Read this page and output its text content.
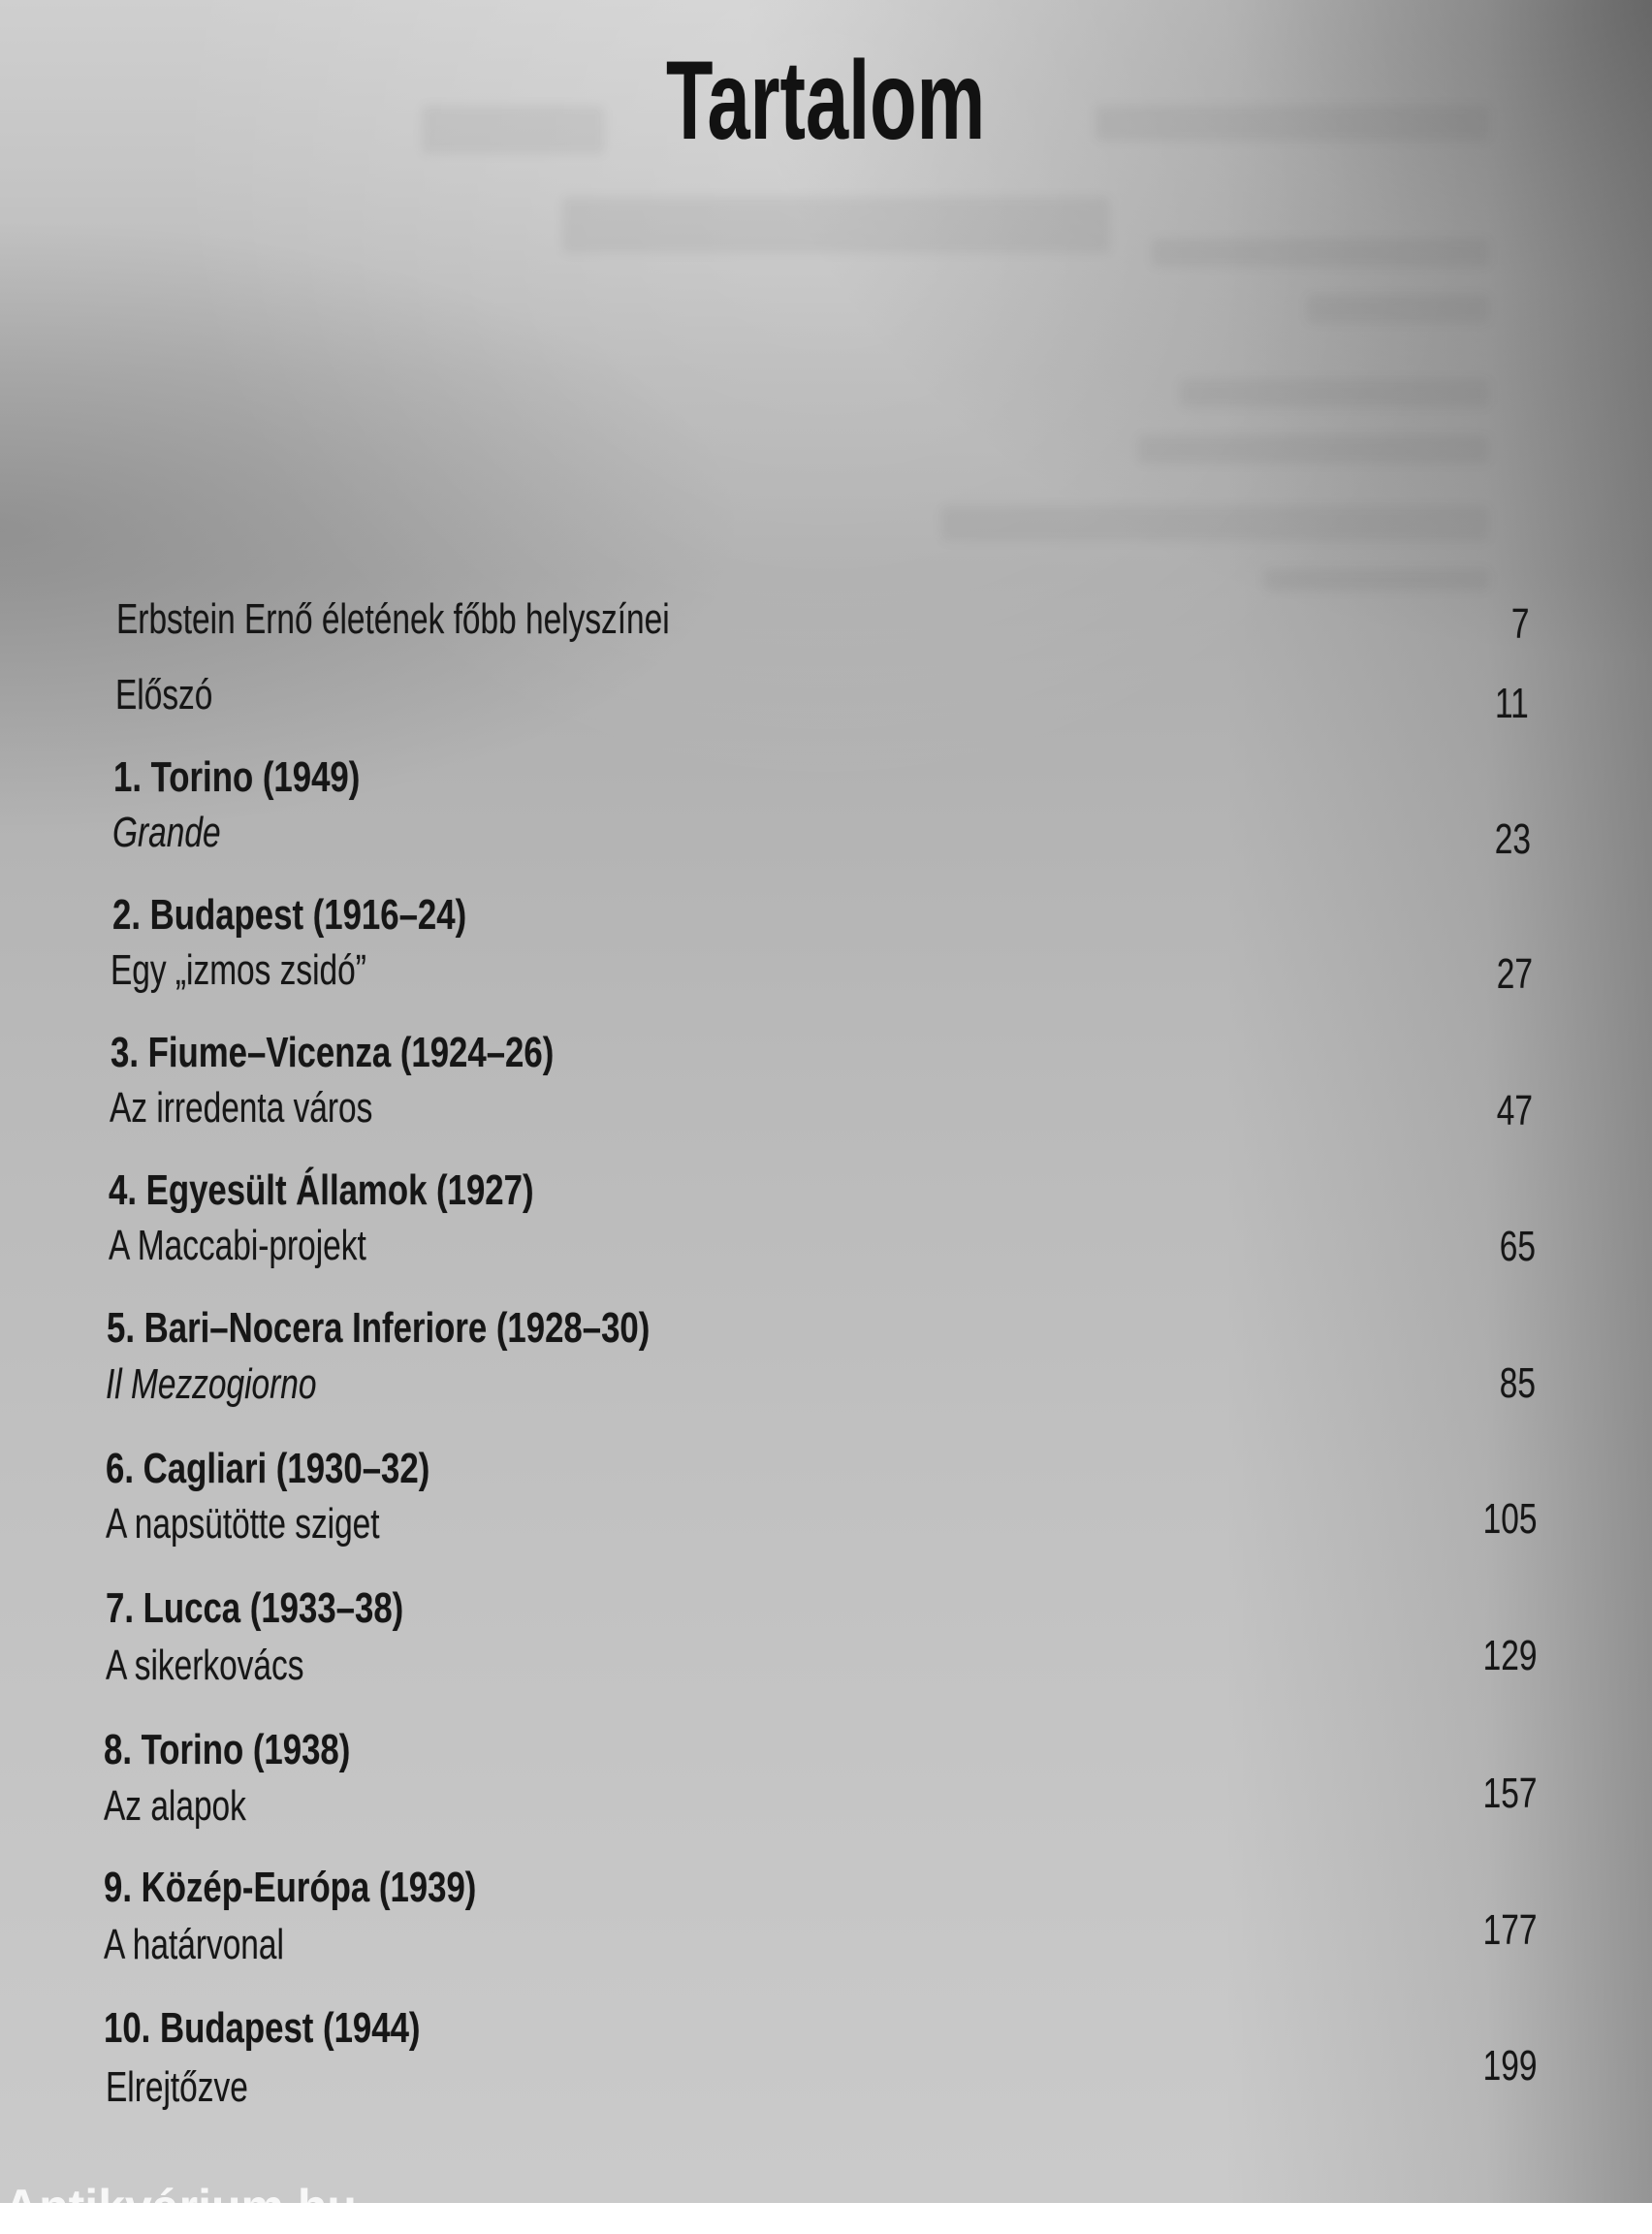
Tartalom
Erbstein Ernő életének főbb helyszínei	7
Előszó	11
1. Torino (1949)
Grande	23
2. Budapest (1916–24)
Egy „izmos zsidó”	27
3. Fiume–Vicenza (1924–26)
Az irredenta város	47
4. Egyesült Államok (1927)
A Maccabi-projekt	65
5. Bari–Nocera Inferiore (1928–30)
Il Mezzogiorno	85
6. Cagliari (1930–32)
A napsütötte sziget	105
7. Lucca (1933–38)
A sikerkovács	129
8. Torino (1938)
Az alapok	157
9. Közép-Európa (1939)
A határvonal	177
10. Budapest (1944)
Elrejtőzve	199
Antikvárium.hu
